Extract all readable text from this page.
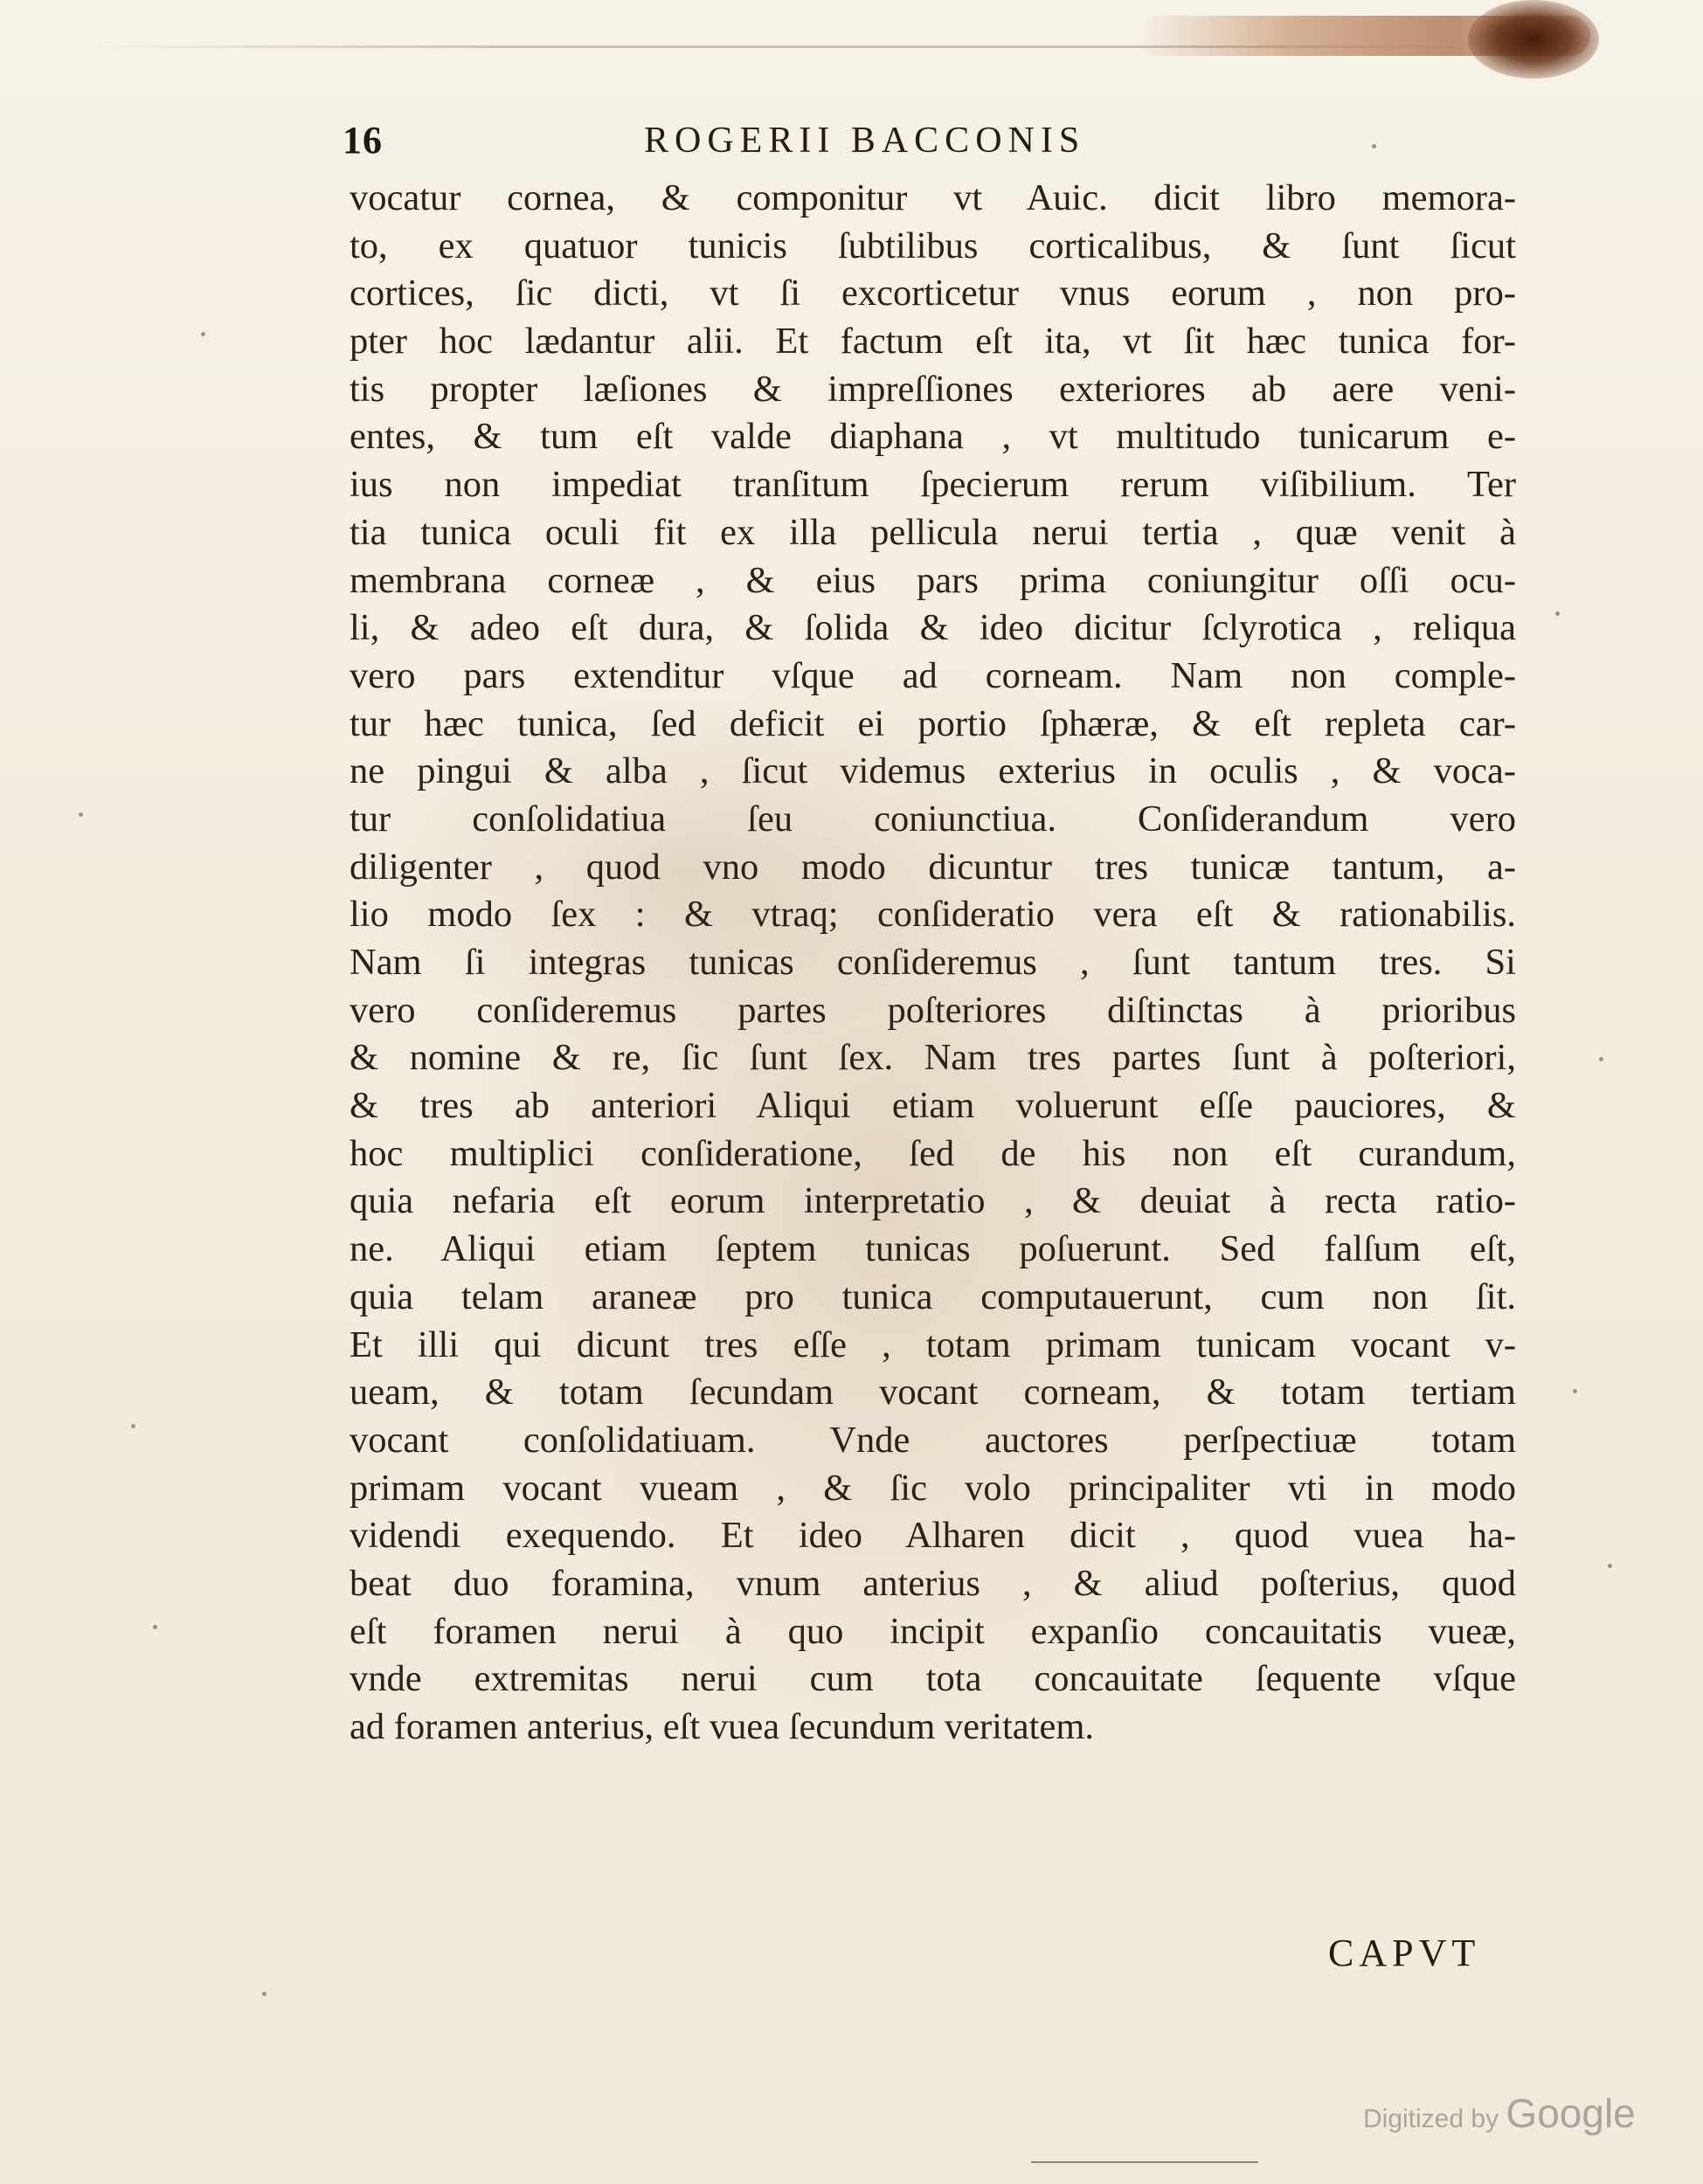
16	ROGERII BACCONIS
vocatur cornea, & componitur vt Auic. dicit libro memora-
to, ex quatuor tunicis ſubtilibus corticalibus, & ſunt ſicut
cortices, ſic dicti, vt ſi excorticetur vnus eorum , non pro-
pter hoc lædantur alii. Et factum eſt ita, vt ſit hæc tunica for-
tis propter læſiones & impreſſiones exteriores ab aere veni-
entes, & tum eſt valde diaphana , vt multitudo tunicarum e-
ius non impediat tranſitum ſpecierum rerum viſibilium. Ter
tia tunica oculi fit ex illa pellicula nerui tertia , quæ venit à
membrana corneæ , & eius pars prima coniungitur oſſi ocu-
li, & adeo eſt dura, & ſolida & ideo dicitur ſclyrotica , reliqua
vero pars extenditur vſque ad corneam. Nam non comple-
tur hæc tunica, ſed deficit ei portio ſphæræ, & eſt repleta car-
ne pingui & alba , ſicut videmus exterius in oculis , & voca-
tur conſolidatiua ſeu coniunctiua. Conſiderandum vero
diligenter , quod vno modo dicuntur tres tunicæ tantum, a-
lio modo ſex : & vtraq; conſideratio vera eſt & rationabilis.
Nam ſi integras tunicas conſideremus , ſunt tantum tres. Si
vero conſideremus partes poſteriores diſtinctas à prioribus
& nomine & re, ſic ſunt ſex. Nam tres partes ſunt à poſteriori,
& tres ab anteriori Aliqui etiam voluerunt eſſe pauciores, &
hoc multiplici conſideratione, ſed de his non eſt curandum,
quia nefaria eſt eorum interpretatio , & deuiat à recta ratio-
ne. Aliqui etiam ſeptem tunicas poſuerunt. Sed falſum eſt,
quia telam araneæ pro tunica computauerunt, cum non ſit.
Et illi qui dicunt tres eſſe , totam primam tunicam vocant v-
ueam, & totam ſecundam vocant corneam, & totam tertiam
vocant conſolidatiuam. Vnde auctores perſpectiuæ totam
primam vocant vueam , & ſic volo principaliter vti in modo
videndi exequendo. Et ideo Alharen dicit , quod vuea ha-
beat duo foramina, vnum anterius , & aliud poſterius, quod
eſt foramen nerui à quo incipit expanſio concauitatis vueæ,
vnde extremitas nerui cum tota concauitate ſequente vſque
ad foramen anterius, eſt vuea ſecundum veritatem.
CAPVT
Digitized by Google
